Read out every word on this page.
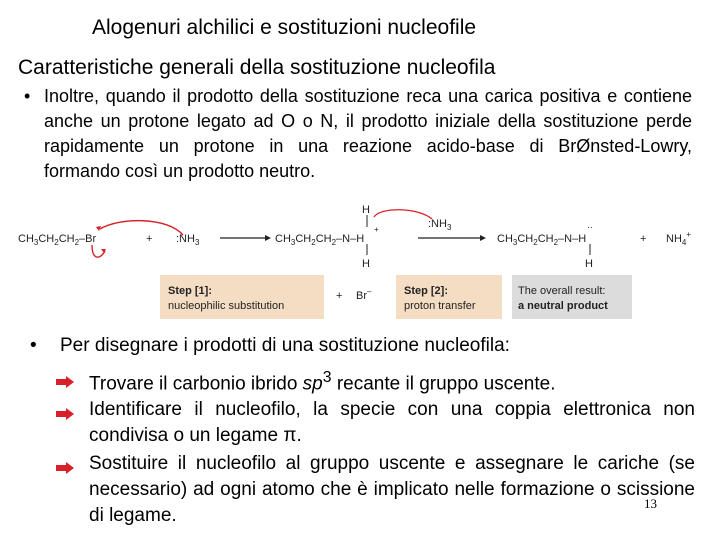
Alogenuri alchilici e sostituzioni nucleofile
Caratteristiche generali della sostituzione nucleofila
• Inoltre, quando il prodotto della sostituzione reca una carica positiva e contiene anche un protone legato ad O o N, il prodotto iniziale della sostituzione perde rapidamente un protone in una reazione acido-base di BrØnsted-Lowry, formando così un prodotto neutro.
$CH_3CH_2CH_2-Br$	+ $:NH_3$	$CH_3CH_2CH_2-N-H$
+
H
H
$:NH_3$
$CH_3CH_2CH_2-N-H$
··
H
+ $NH_4^+$
Step [1]:
nucleophilic substitution
+ Br–	Step [2]:
proton transfer
The overall result:
a neutral product
•	Per disegnare i prodotti di una sostituzione nucleofila:
Trovare il carbonio ibrido $sp^3$ recante il gruppo uscente.
Identificare il nucleofilo, la specie con una coppia elettronica non condivisa o un legame π.
Sostituire il nucleofilo al gruppo uscente e assegnare le cariche (se necessario) ad ogni atomo che è implicato nelle formazione o scissione di legame.
13
